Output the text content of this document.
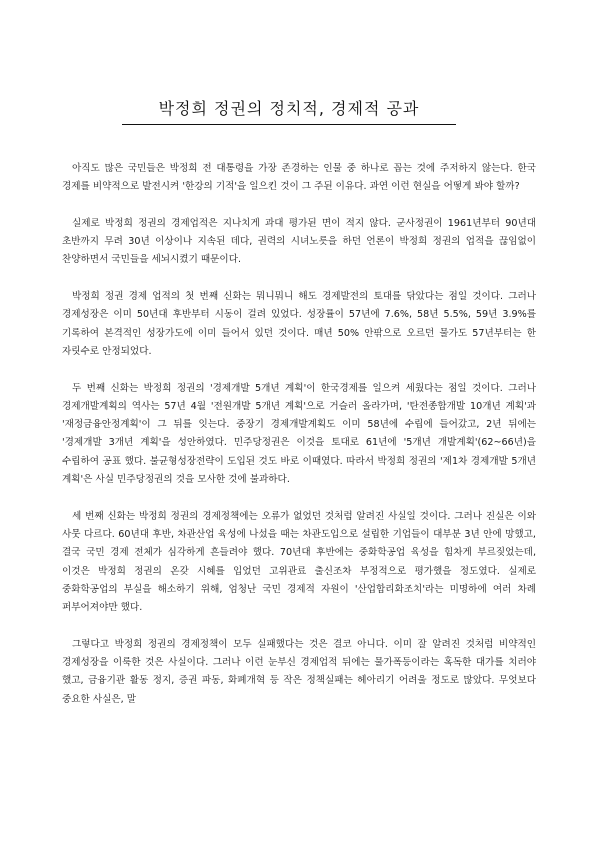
박정희 정권의 정치적, 경제적 공과

아직도 많은 국민들은 박정희 전 대통령을 가장 존경하는 인물 중 하나로 꼽는 것에 주저하지 않는다. 한국 경제를 비약적으로 발전시켜 '한강의 기적'을 일으킨 것이 그 주된 이유다. 과연 이런 현실을 어떻게 봐야 할까?

실제로 박정희 정권의 경제업적은 지나치게 과대 평가된 면이 적지 않다. 군사정권이 1961년부터 90년대 초반까지 무려 30년 이상이나 지속된 데다, 권력의 시녀노릇을 하던 언론이 박정희 정권의 업적을 끊임없이 찬양하면서 국민들을 세뇌시켰기 때문이다.

박정희 정권 경제 업적의 첫 번째 신화는 뭐니뭐니 해도 경제발전의 토대를 닦았다는 점일 것이다. 그러나 경제성장은 이미 50년대 후반부터 시동이 걸려 있었다. 성장률이 57년에 7.6%, 58년 5.5%, 59년 3.9%를 기록하여 본격적인 성장가도에 이미 들어서 있던 것이다. 매년 50% 안팎으로 오르던 물가도 57년부터는 한 자릿수로 안정되었다.

두 번째 신화는 박정희 정권의 '경제개발 5개년 계획'이 한국경제를 일으켜 세웠다는 점일 것이다. 그러나 경제개발계획의 역사는 57년 4월 '전원개발 5개년 계획'으로 거슬러 올라가며, '탄전종합개발 10개년 계획'과 '재정금융안정계획'이 그 뒤를 잇는다. 중장기 경제개발계획도 이미 58년에 수립에 들어갔고, 2년 뒤에는 '경제개발 3개년 계획'을 성안하였다. 민주당정권은 이것을 토대로 61년에 '5개년 개발계획'(62~66년)을 수립하여 공표 했다. 불균형성장전략이 도입된 것도 바로 이때였다. 따라서 박정희 정권의 '제1차 경제개발 5개년 계획'은 사실 민주당정권의 것을 모사한 것에 불과하다.

세 번째 신화는 박정희 정권의 경제정책에는 오류가 없었던 것처럼 알려진 사실일 것이다. 그러나 진실은 이와 사뭇 다르다. 60년대 후반, 차관산업 육성에 나섰을 때는 차관도입으로 설립한 기업들이 대부분 3년 안에 망했고, 결국 국민 경제 전체가 심각하게 흔들려야 했다. 70년대 후반에는 중화학공업 육성을 힘차게 부르짖었는데, 이것은 박정희 정권의 온갖 시혜를 입었던 고위관료 출신조차 부정적으로 평가했을 정도였다. 실제로 중화학공업의 부실을 해소하기 위해, 엄청난 국민 경제적 자원이 '산업합리화조치'라는 미명하에 여러 차례 퍼부어져야만 했다.

그렇다고 박정희 정권의 경제정책이 모두 실패했다는 것은 결코 아니다. 이미 잘 알려진 것처럼 비약적인 경제성장을 이룩한 것은 사실이다. 그러나 이런 눈부신 경제업적 뒤에는 물가폭등이라는 혹독한 대가를 치러야 했고, 금융기관 활동 정지, 증권 파동, 화폐개혁 등 작은 정책실패는 헤아리기 어려울 정도로 많았다. 무엇보다 중요한 사실은, 말
